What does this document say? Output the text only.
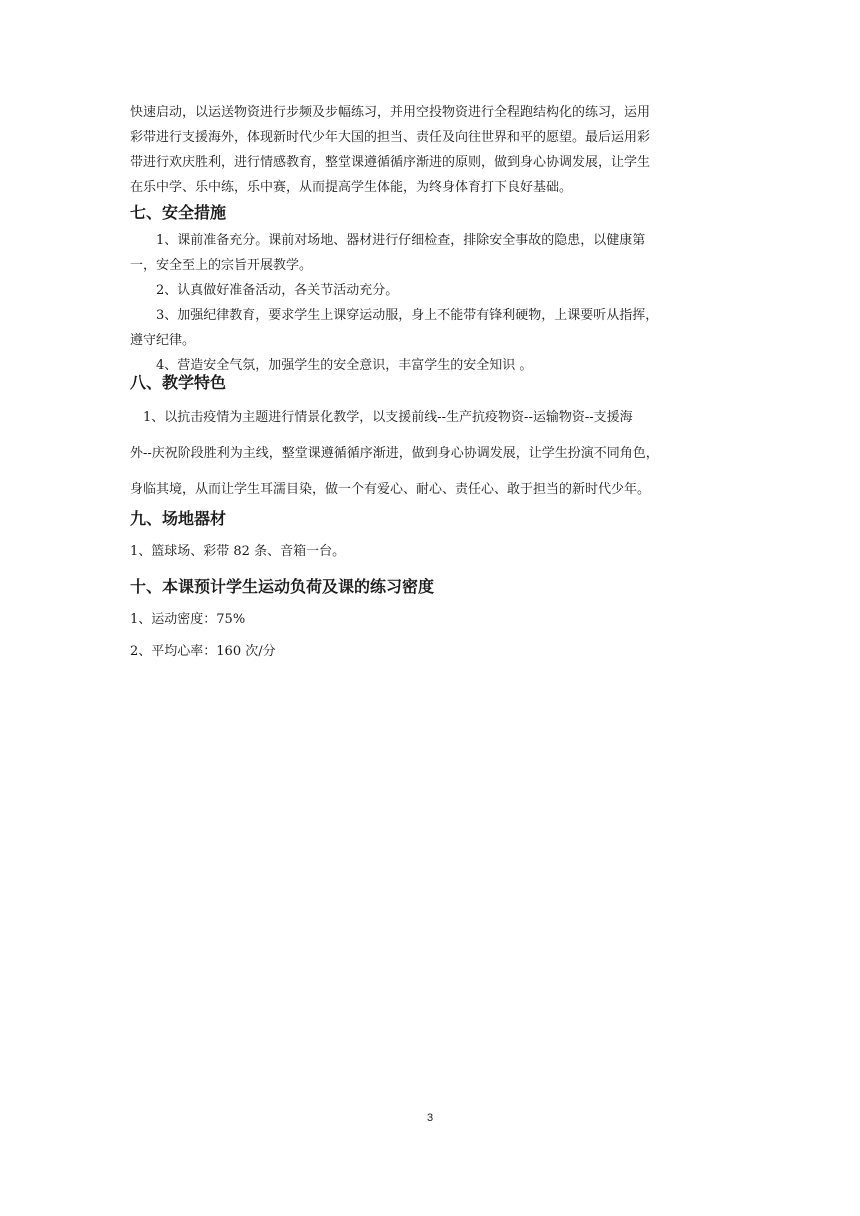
快速启动，以运送物资进行步频及步幅练习，并用空投物资进行全程跑结构化的练习，运用
彩带进行支援海外，体现新时代少年大国的担当、责任及向往世界和平的愿望。最后运用彩
带进行欢庆胜利，进行情感教育，整堂课遵循循序渐进的原则，做到身心协调发展，让学生
在乐中学、乐中练，乐中赛，从而提高学生体能，为终身体育打下良好基础。
七、安全措施
　　1、课前准备充分。课前对场地、器材进行仔细检查，排除安全事故的隐患，以健康第
一，安全至上的宗旨开展教学。
　　2、认真做好准备活动，各关节活动充分。
　　3、加强纪律教育，要求学生上课穿运动服，身上不能带有锋利硬物，上课要听从指挥，
遵守纪律。
　　4、营造安全气氛，加强学生的安全意识，丰富学生的安全知识 。
八、教学特色
　1、以抗击疫情为主题进行情景化教学，以支援前线--生产抗疫物资--运输物资--支援海
外--庆祝阶段胜利为主线，整堂课遵循循序渐进，做到身心协调发展，让学生扮演不同角色，
身临其境，从而让学生耳濡目染，做一个有爱心、耐心、责任心、敢于担当的新时代少年。
九、场地器材
1、篮球场、彩带 82 条、音箱一台。
十、本课预计学生运动负荷及课的练习密度
1、运动密度：75%
2、平均心率：160 次/分
3
